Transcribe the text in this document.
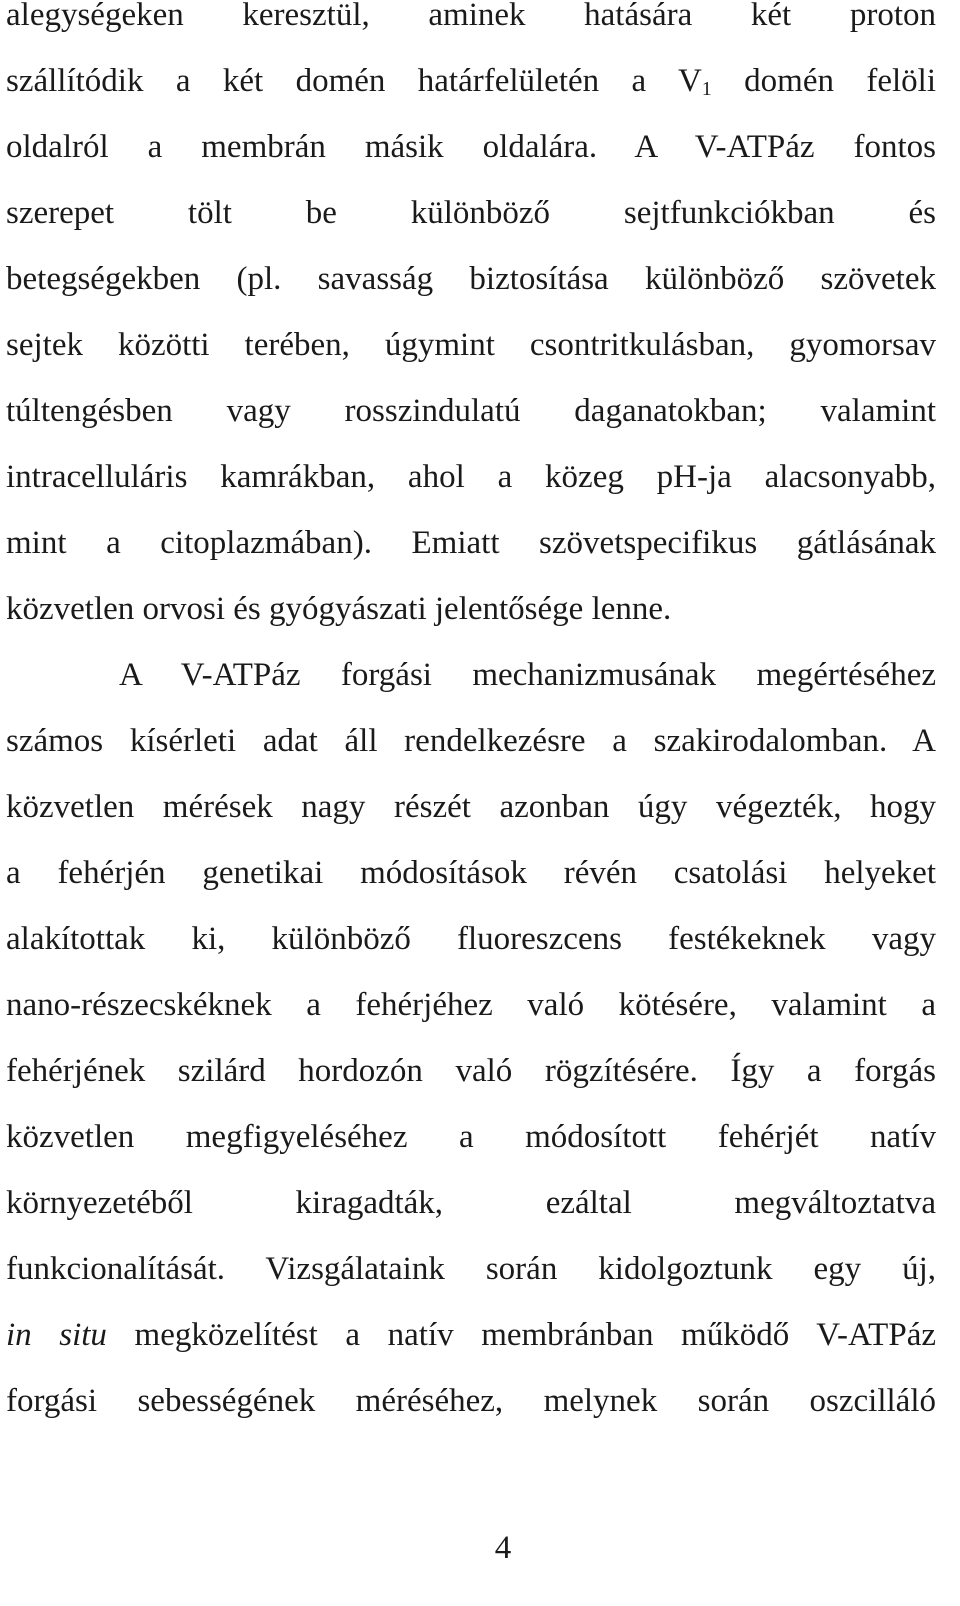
alegységeken keresztül, aminek hatására két proton
szállítódik a két domén határfelületén a $V_1$ domén felöli
oldalról a membrán másik oldalára. A V-ATPáz fontos
szerepet tölt be különböző sejtfunkciókban és
betegségekben (pl. savasság biztosítása különböző szövetek
sejtek közötti terében, úgymint csontritkulásban, gyomorsav
túltengésben vagy rosszindulatú daganatokban; valamint
intracelluláris kamrákban, ahol a közeg pH-ja alacsonyabb,
mint a citoplazmában). Emiatt szövetspecifikus gátlásának
közvetlen orvosi és gyógyászati jelentősége lenne.
A V-ATPáz forgási mechanizmusának megértéséhez
számos kísérleti adat áll rendelkezésre a szakirodalomban. A
közvetlen mérések nagy részét azonban úgy végezték, hogy
a fehérjén genetikai módosítások révén csatolási helyeket
alakítottak ki, különböző fluoreszcens festékeknek vagy
nano-részecskéknek a fehérjéhez való kötésére, valamint a
fehérjének szilárd hordozón való rögzítésére. Így a forgás
közvetlen megfigyeléséhez a módosított fehérjét natív
környezetéből kiragadták, ezáltal megváltoztatva
funkcionalítását. Vizsgálataink során kidolgoztunk egy új,
in situ megközelítést a natív membránban működő V-ATPáz
forgási sebességének méréséhez, melynek során oszcilláló
4
